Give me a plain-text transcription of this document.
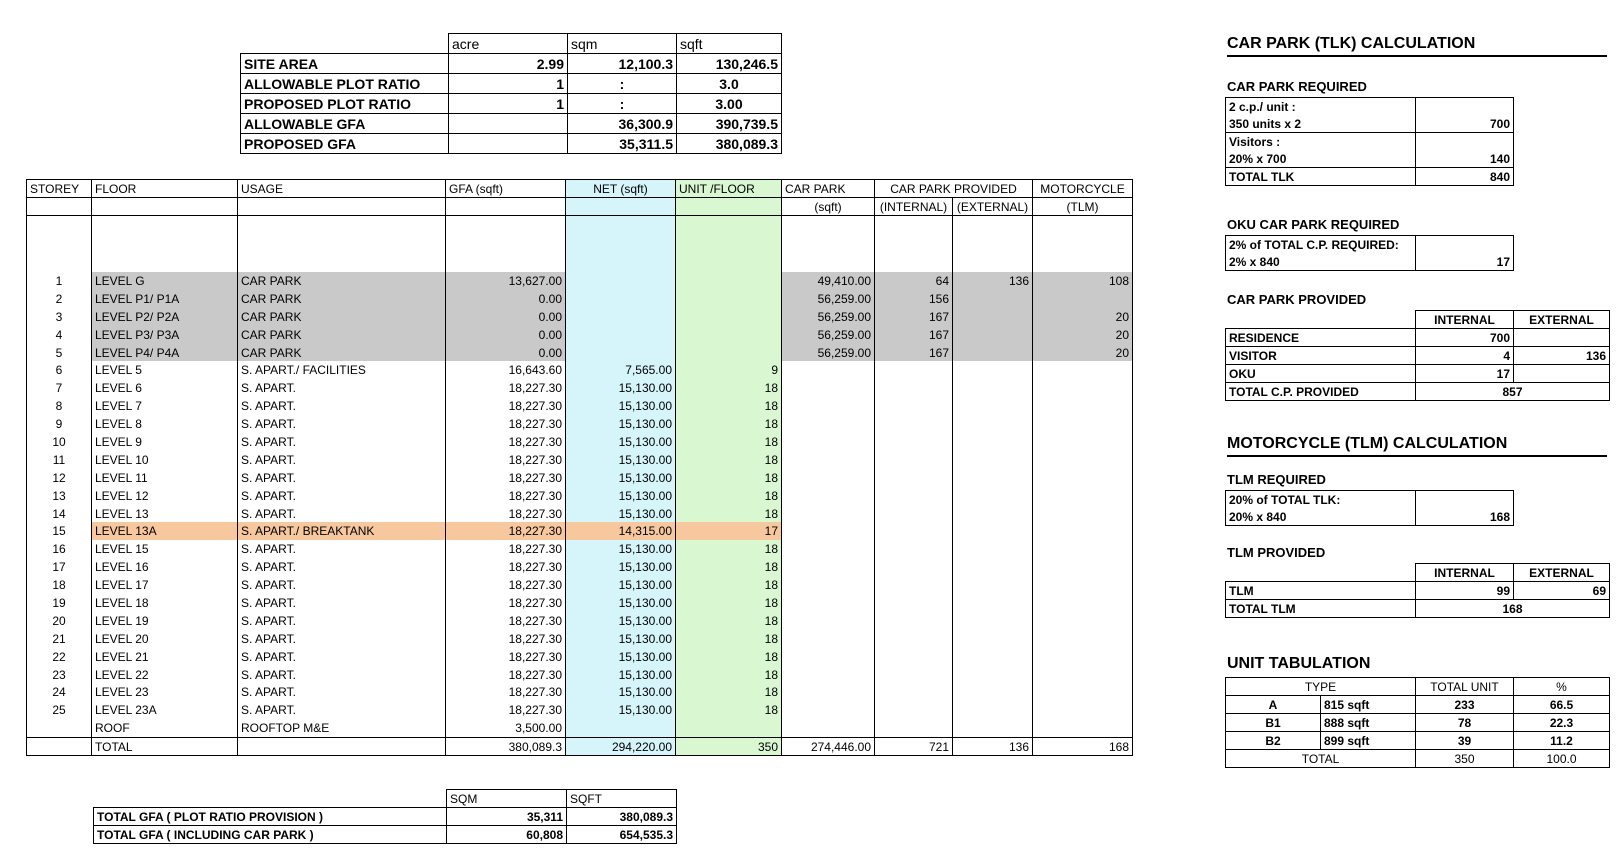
	acre	sqm	sqft
SITE AREA	2.99	12,100.3	130,246.5
ALLOWABLE PLOT RATIO	1	:	3.0
PROPOSED PLOT RATIO	1	:	3.00
ALLOWABLE GFA		36,300.9	390,739.5
PROPOSED GFA		35,311.5	380,089.3
STOREY	FLOOR	USAGE	GFA (sqft)	NET (sqft)	UNIT /FLOOR	CAR PARK	CAR PARK PROVIDED		MOTORCYCLE
						(sqft)	(INTERNAL)	(EXTERNAL)	(TLM)

1	LEVEL G	CAR PARK	13,627.00			49,410.00	64	136	108
2	LEVEL P1/ P1A	CAR PARK	0.00			56,259.00	156		
3	LEVEL P2/ P2A	CAR PARK	0.00			56,259.00	167		20
4	LEVEL P3/ P3A	CAR PARK	0.00			56,259.00	167		20
5	LEVEL P4/ P4A	CAR PARK	0.00			56,259.00	167		20
6	LEVEL 5	S. APART./ FACILITIES	16,643.60	7,565.00	9				
7	LEVEL 6	S. APART.	18,227.30	15,130.00	18				
8	LEVEL 7	S. APART.	18,227.30	15,130.00	18				
9	LEVEL 8	S. APART.	18,227.30	15,130.00	18				
10	LEVEL 9	S. APART.	18,227.30	15,130.00	18				
11	LEVEL 10	S. APART.	18,227.30	15,130.00	18				
12	LEVEL 11	S. APART.	18,227.30	15,130.00	18				
13	LEVEL 12	S. APART.	18,227.30	15,130.00	18				
14	LEVEL 13	S. APART.	18,227.30	15,130.00	18				
15	LEVEL 13A	S. APART./ BREAKTANK	18,227.30	14,315.00	17				
16	LEVEL 15	S. APART.	18,227.30	15,130.00	18				
17	LEVEL 16	S. APART.	18,227.30	15,130.00	18				
18	LEVEL 17	S. APART.	18,227.30	15,130.00	18				
19	LEVEL 18	S. APART.	18,227.30	15,130.00	18				
20	LEVEL 19	S. APART.	18,227.30	15,130.00	18				
21	LEVEL 20	S. APART.	18,227.30	15,130.00	18				
22	LEVEL 21	S. APART.	18,227.30	15,130.00	18				
23	LEVEL 22	S. APART.	18,227.30	15,130.00	18				
24	LEVEL 23	S. APART.	18,227.30	15,130.00	18				
25	LEVEL 23A	S. APART.	18,227.30	15,130.00	18				
	ROOF	ROOFTOP M&E	3,500.00						
	TOTAL		380,089.3	294,220.00	350	274,446.00	721	136	168
	SQM	SQFT
TOTAL GFA ( PLOT RATIO PROVISION )	35,311	380,089.3
TOTAL GFA ( INCLUDING CAR PARK )	60,808	654,535.3
CAR PARK (TLK) CALCULATION
CAR PARK REQUIRED
2 c.p./ unit :	
350 units x 2	700
Visitors :	
20% x 700	140
TOTAL TLK	840
OKU CAR PARK REQUIRED
2% of TOTAL C.P. REQUIRED:	
2% x 840	17
CAR PARK PROVIDED
	INTERNAL	EXTERNAL
RESIDENCE	700	
VISITOR	4	136
OKU	17	
TOTAL C.P. PROVIDED	857	
MOTORCYCLE (TLM) CALCULATION
TLM REQUIRED
20% of TOTAL TLK:	
20% x 840	168
TLM PROVIDED
	INTERNAL	EXTERNAL
TLM	99	69
TOTAL TLM	168	
UNIT TABULATION
TYPE		TOTAL UNIT	%
A	815 sqft	233	66.5
B1	888 sqft	78	22.3
B2	899 sqft	39	11.2
TOTAL		350	100.0
